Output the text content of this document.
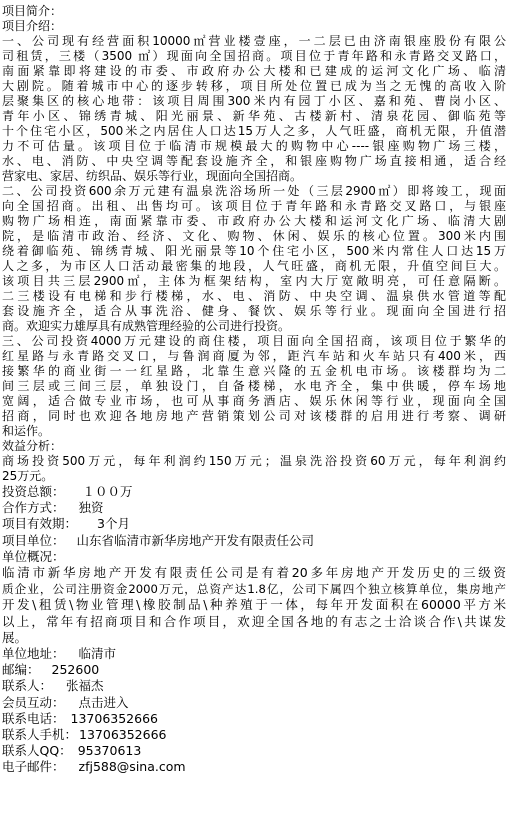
项目简介：
项目介绍：
一、公司现有经营面积10000㎡营业楼壹座，一二层已由济南银座股份有限公
司租赁，三楼（3500 ㎡）现面向全国招商。项目位于青年路和永青路交叉路口，
南面紧靠即将建设的市委、市政府办公大楼和已建成的运河文化广场、临清
大剧院。随着城市中心的逐步转移，项目所处位置已成为当之无愧的高收入阶
层聚集区的核心地带：该项目周围300米内有园丁小区、嘉和苑、曹岗小区、
青年小区、锦绣青城、阳光丽景、新华苑、古楼新村、清泉花园、御临苑等
十个住宅小区，500米之内居住人口达15万人之多，人气旺盛，商机无限，升值潜
力不可估量。该项目位于临清市规模最大的购物中心----银座购物广场三楼，
水、电、消防、中央空调等配套设施齐全，和银座购物广场直接相通，适合经
营家电、家居、纺织品、娱乐等行业，现面向全国招商。
二、公司投资600余万元建有温泉洗浴场所一处（三层2900㎡）即将竣工，现面
向全国招商。出租、出售均可。该项目位于青年路和永青路交叉路口，与银座
购物广场相连，南面紧靠市委、市政府办公大楼和运河文化广场、临清大剧
院，是临清市政治、经济、文化、购物、休闲、娱乐的核心位置。300米内围
绕着御临苑、锦绣青城、阳光丽景等10个住宅小区，500米内常住人口达15万
人之多，为市区人口活动最密集的地段，人气旺盛，商机无限，升值空间巨大。
该项目共三层2900㎡，主体为框架结构，室内大厅宽敞明亮，可任意隔断。
二三楼设有电梯和步行楼梯，水、电、消防、中央空调、温泉供水管道等配
套设施齐全，适合从事洗浴、健身、餐饮、娱乐等行业。现面向全国进行招
商。欢迎实力雄厚具有成熟管理经验的公司进行投资。
三、公司投资4000万元建设的商住楼，项目面向全国招商，该项目位于繁华的
红星路与永青路交叉口，与鲁润商厦为邻，距汽车站和火车站只有400米，西
接繁华的商业街一一红星路，北靠生意兴隆的五金机电市场。该楼群均为二
间三层或三间三层，单独设门，自备楼梯，水电齐全，集中供暖，停车场地
宽阔，适合做专业市场，也可从事商务酒店、娱乐休闲等行业，现面向全国
招商，同时也欢迎各地房地产营销策划公司对该楼群的启用进行考察、调研
和运作。
效益分析：
商场投资500万元，每年利润约150万元；温泉洗浴投资60万元，每年利润约
25万元。
投资总额： １００万
合作方式： 独资
项目有效期： 3个月
项目单位： 山东省临清市新华房地产开发有限责任公司
单位概况：
临清市新华房地产开发有限责任公司是有着20多年房地产开发历史的三级资
质企业，公司注册资金2000万元，总资产达1.8亿，公司下属四个独立核算单位，集房地产
开发\租赁\物业管理\橡胶制品\种养殖于一体，每年开发面积在60000平方米
以上，常年有招商项目和合作项目，欢迎全国各地的有志之士洽谈合作\共谋发
展。
单位地址： 临清市
邮编： 252600
联系人： 张福杰
会员互动： 点击进入
联系电话： 13706352666
联系人手机： 13706352666
联系人QQ： 95370613
电子邮件： zfj588@sina.com
